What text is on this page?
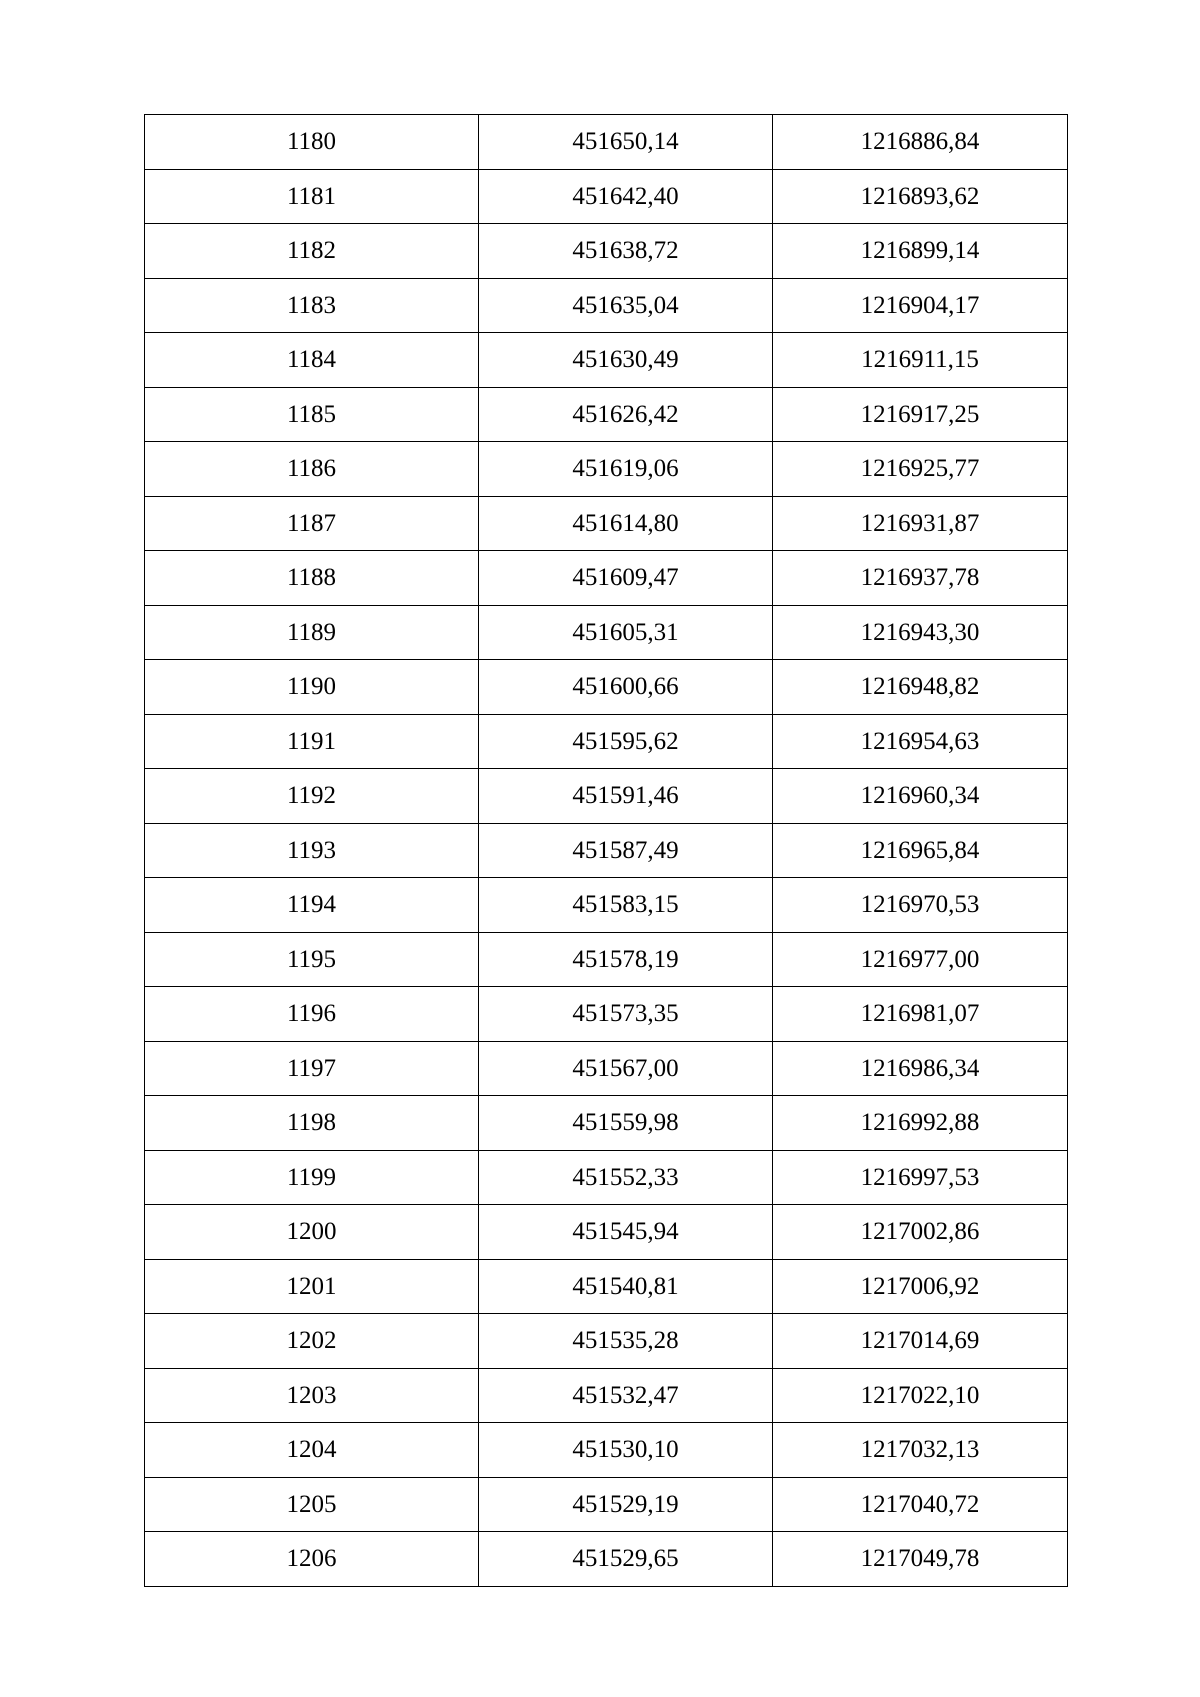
1180	451650,14	1216886,84
1181	451642,40	1216893,62
1182	451638,72	1216899,14
1183	451635,04	1216904,17
1184	451630,49	1216911,15
1185	451626,42	1216917,25
1186	451619,06	1216925,77
1187	451614,80	1216931,87
1188	451609,47	1216937,78
1189	451605,31	1216943,30
1190	451600,66	1216948,82
1191	451595,62	1216954,63
1192	451591,46	1216960,34
1193	451587,49	1216965,84
1194	451583,15	1216970,53
1195	451578,19	1216977,00
1196	451573,35	1216981,07
1197	451567,00	1216986,34
1198	451559,98	1216992,88
1199	451552,33	1216997,53
1200	451545,94	1217002,86
1201	451540,81	1217006,92
1202	451535,28	1217014,69
1203	451532,47	1217022,10
1204	451530,10	1217032,13
1205	451529,19	1217040,72
1206	451529,65	1217049,78
